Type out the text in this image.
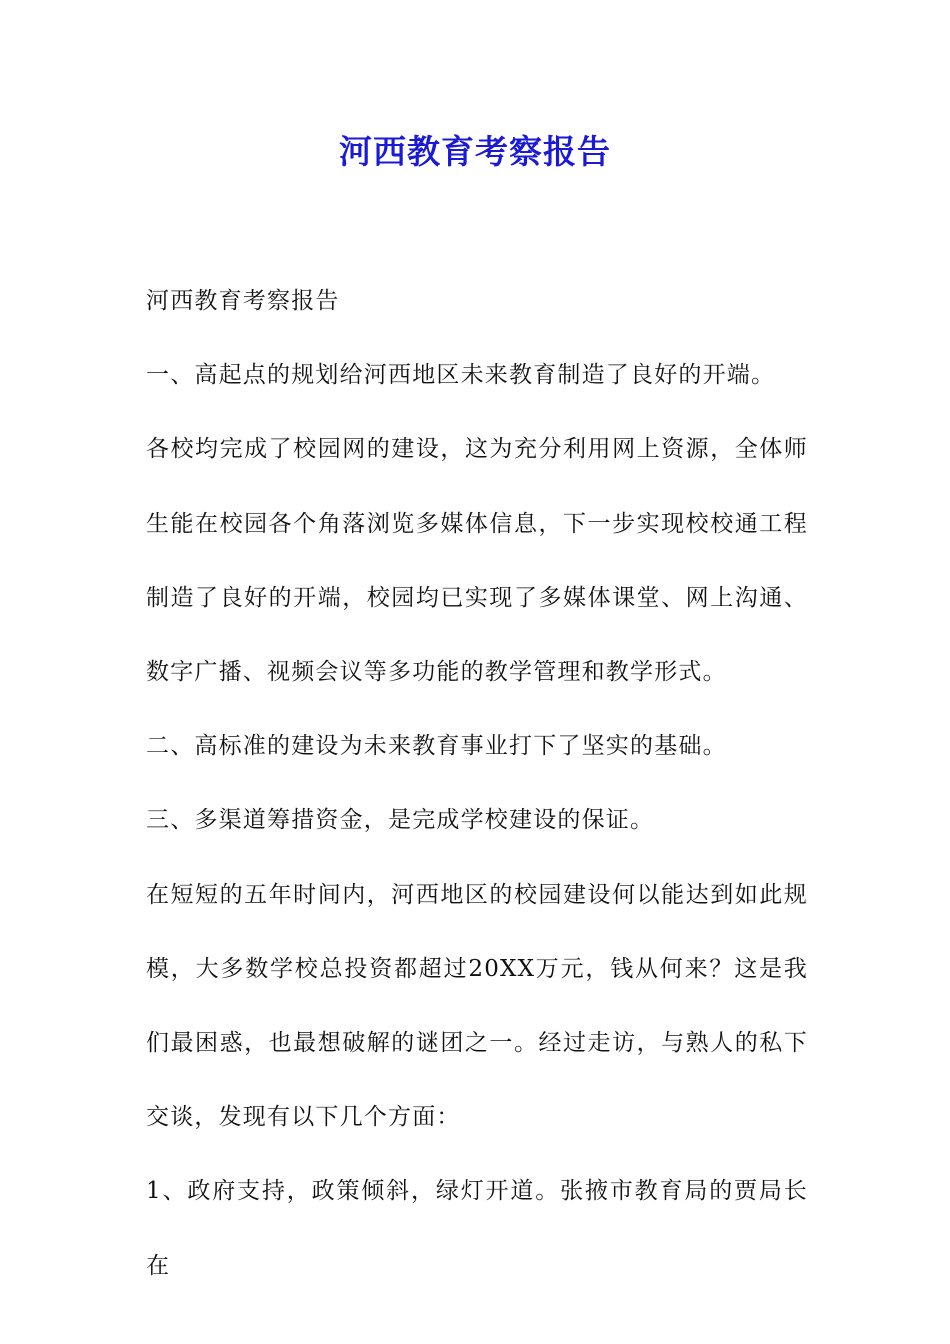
河西教育考察报告

河西教育考察报告

一、高起点的规划给河西地区未来教育制造了良好的开端。

各校均完成了校园网的建设，这为充分利用网上资源，全体师生能在校园各个角落浏览多媒体信息，下一步实现校校通工程制造了良好的开端，校园均已实现了多媒体课堂、网上沟通、数字广播、视频会议等多功能的教学管理和教学形式。

二、高标准的建设为未来教育事业打下了坚实的基础。

三、多渠道筹措资金，是完成学校建设的保证。

在短短的五年时间内，河西地区的校园建设何以能达到如此规模，大多数学校总投资都超过20XX万元，钱从何来？这是我们最困惑，也最想破解的谜团之一。经过走访，与熟人的私下交谈，发现有以下几个方面：

1、政府支持，政策倾斜，绿灯开道。张掖市教育局的贾局长在
